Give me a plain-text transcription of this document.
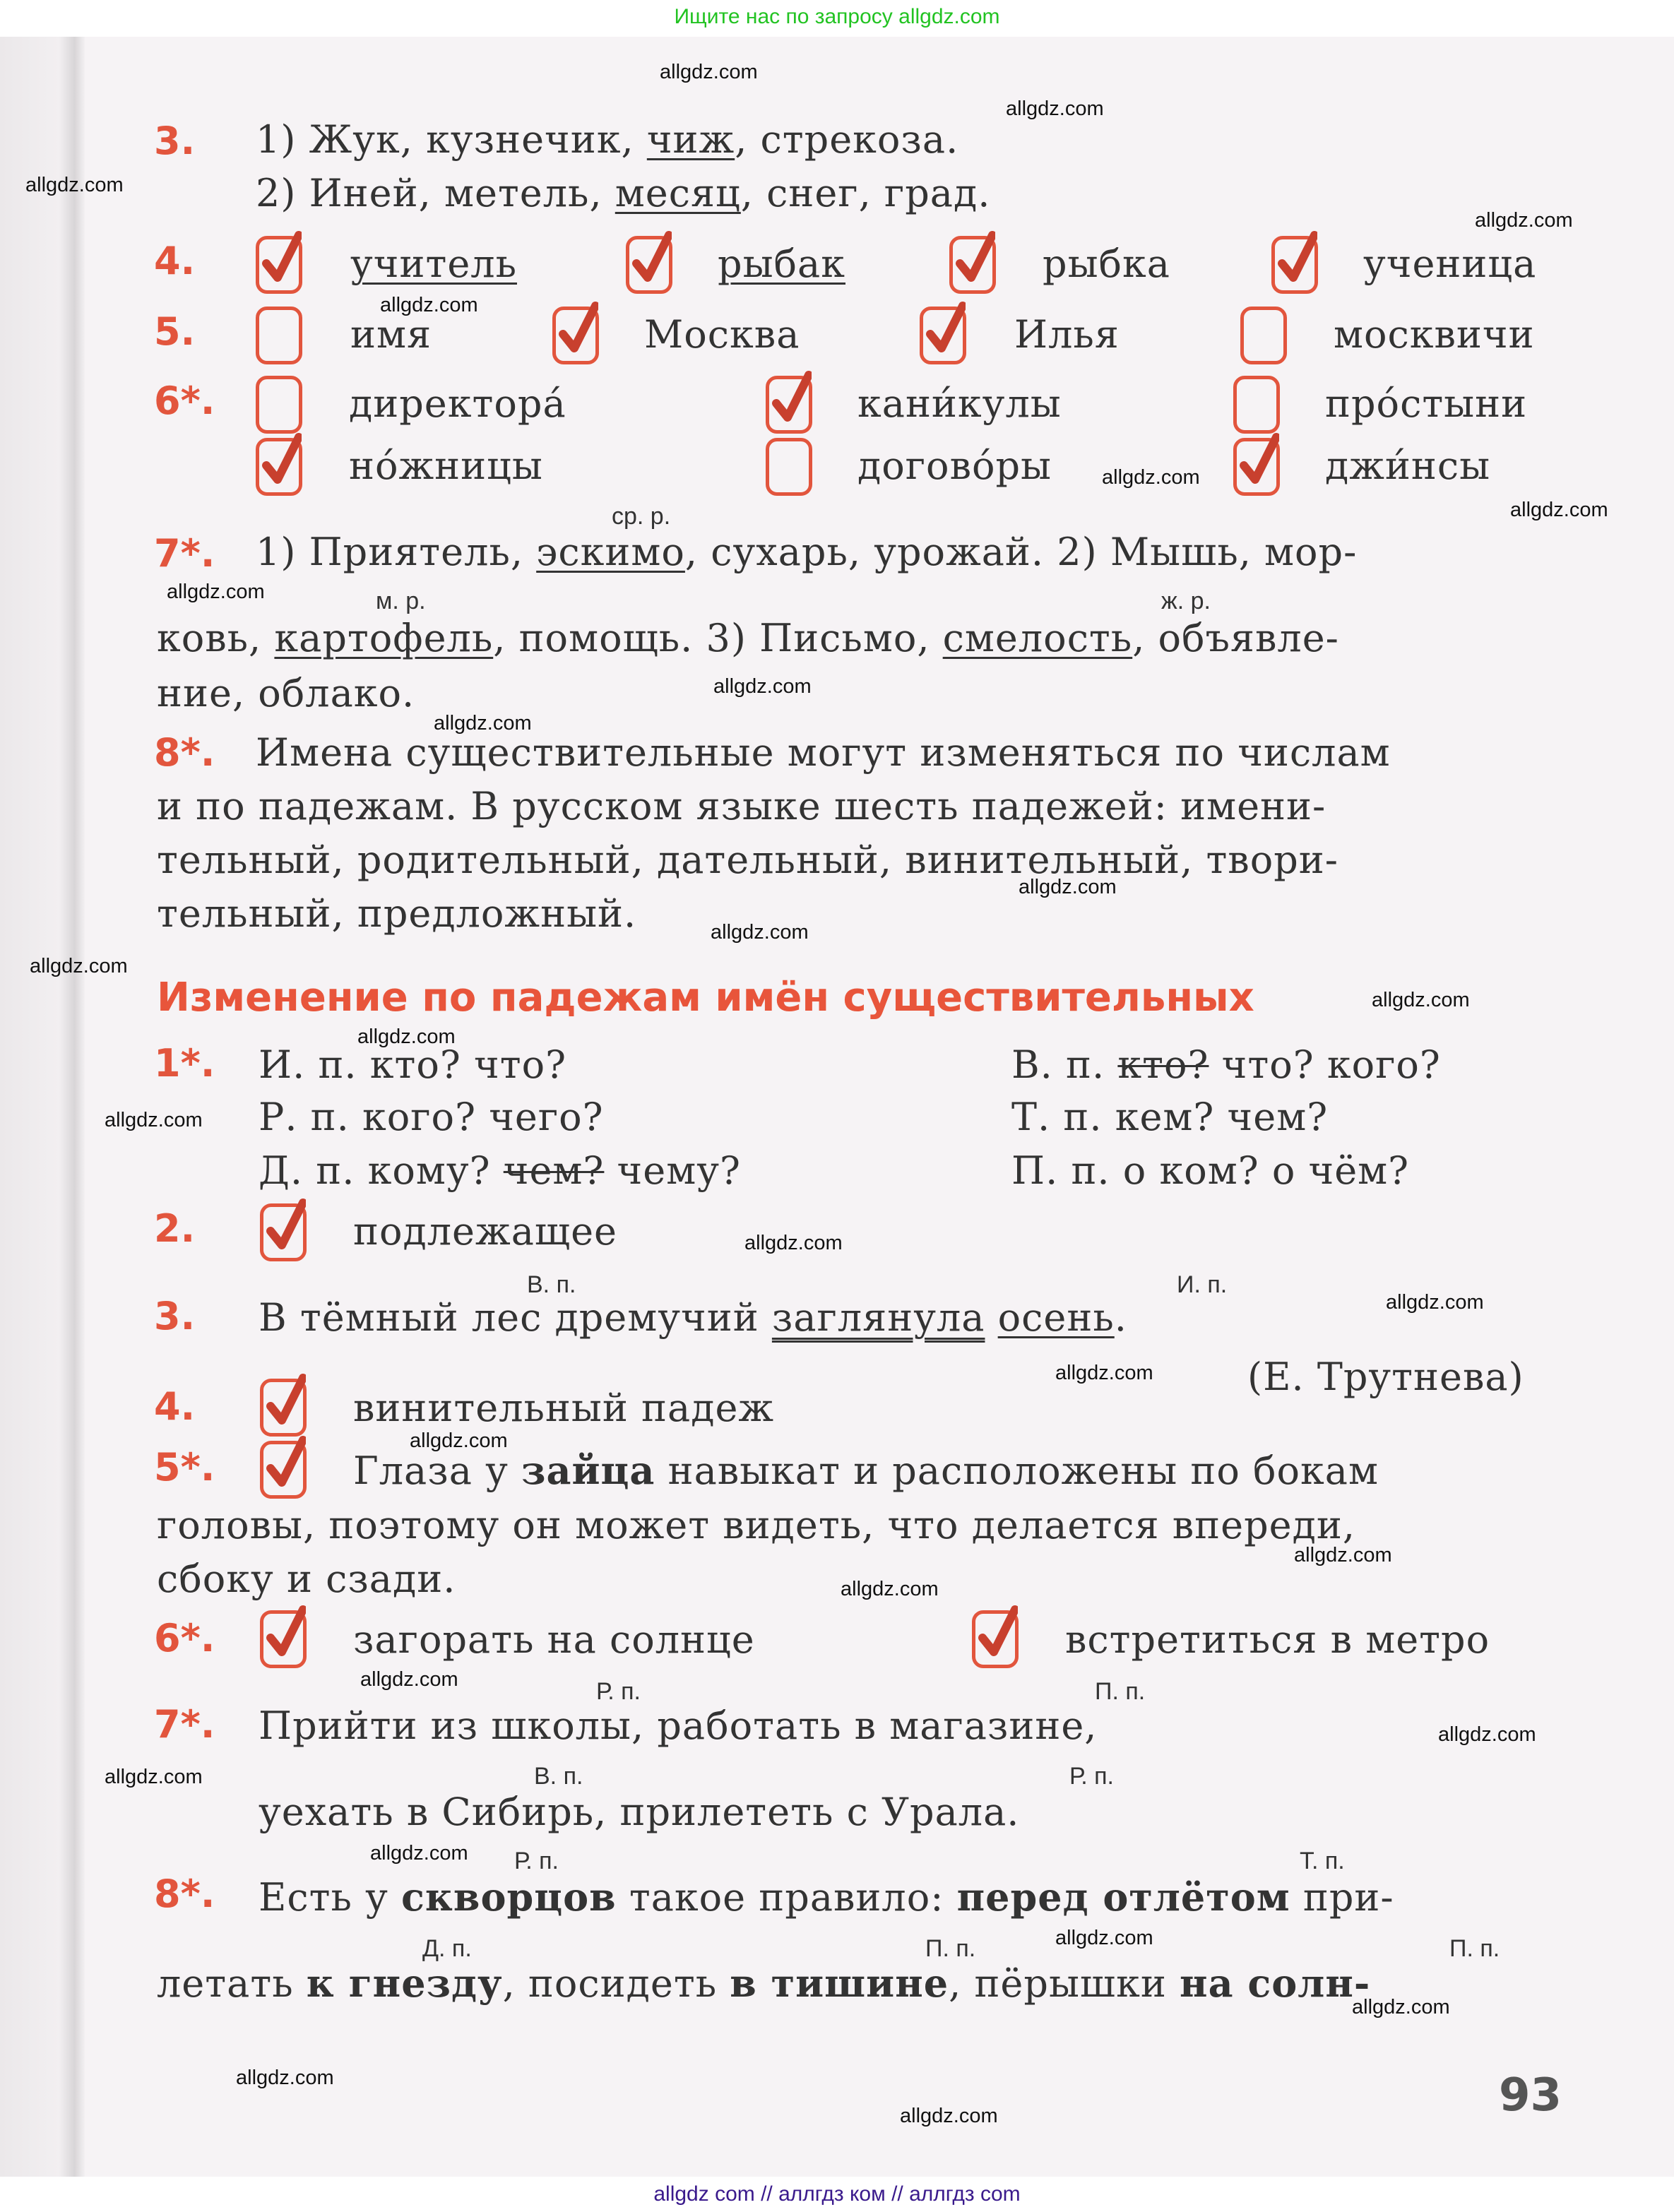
Ищите нас по запросу allgdz.com
3. 1) Жук, кузнечик, чиж, стрекоза.
2) Иней, метель, месяц, снег, град.
4.	учитель	рыбак	рыбка	ученица
5.	имя	Москва	Илья	москвичи
6*.	директорá	кани́кулы	прóстыни
нóжницы	договóры	джи́нсы
ср. р.
7*. 1) Приятель, эскимо, сухарь, урожай. 2) Мышь, мор-
м. р.	ж. р.
ковь, картофель, помощь. 3) Письмо, смелость, объявле-
ние, облако.
8*. Имена существительные могут изменяться по числам
и по падежам. В русском языке шесть падежей: имени-
тельный, родительный, дательный, винительный, твори-
тельный, предложный.
Изменение по падежам имён существительных
1*. И. п. кто? что?
Р. п. кого? чего?
Д. п. кому? чем? чему?
В. п. кто? что? кого?
Т. п. кем? чем?
П. п. о ком? о чём?
2.	подлежащее
В. п.	И. п.
3. В тёмный лес дремучий заглянула осень.
(Е. Трутнева)
4.	винительный падеж
5*.	Глаза у зайца навыкат и расположены по бокам
головы, поэтому он может видеть, что делается впереди,
сбоку и сзади.
6*.	загорать на солнце	встретиться в метро
Р. п.	П. п.
7*. Прийти из школы, работать в магазине,
В. п.	Р. п.
уехать в Сибирь, прилететь с Урала.
Р. п.	Т. п.
8*. Есть у скворцов такое правило: перед отлётом при-
Д. п.	П. п.	П. п.
летать к гнезду, посидеть в тишине, пёрышки на солн-
93
allgdz.com
allgdz.com
allgdz.com
allgdz.com
allgdz.com
allgdz.com
allgdz.com
allgdz.com
allgdz.com
allgdz.com
allgdz.com
allgdz.com
allgdz.com
allgdz.com
allgdz.com
allgdz.com
allgdz.com
allgdz.com
allgdz.com
allgdz.com
allgdz.com
allgdz.com
allgdz.com
allgdz.com
allgdz.com
allgdz.com
allgdz.com
allgdz.com
allgdz.com
allgdz.com
allgdz com // аллгдз ком // аллгдз com
